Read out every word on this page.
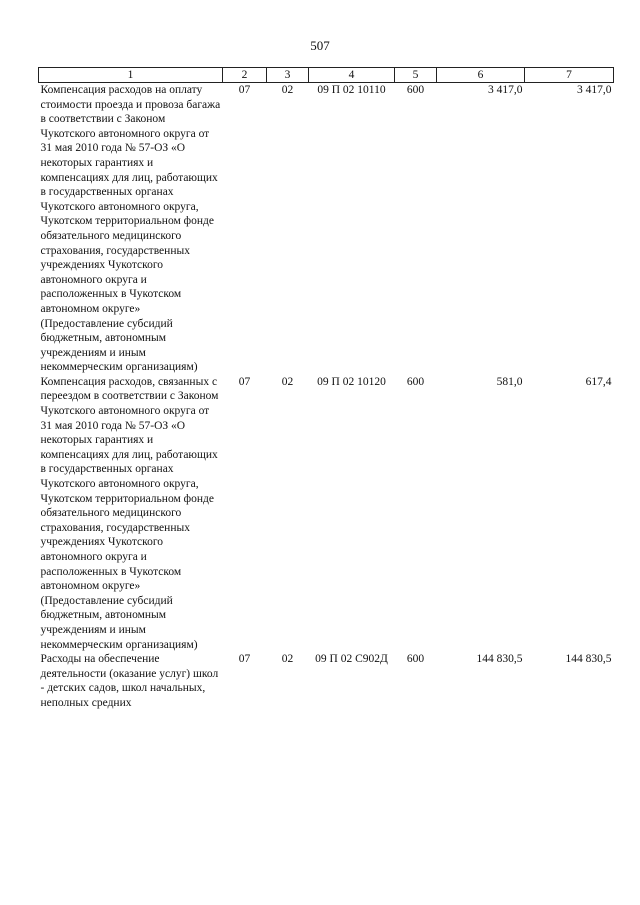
507
1	2	3	4	5	6	7
Компенсация расходов на оплату стоимости проезда и провоза багажа в соответствии с Законом Чукотского автономного округа от 31 мая 2010 года № 57-ОЗ «О некоторых гарантиях и компенсациях для лиц, работающих в государственных органах Чукотского автономного округа, Чукотском территориальном фонде обязательного медицинского страхования, государственных учреждениях Чукотского автономного округа и расположенных в Чукотском автономном округе» (Предоставление субсидий бюджетным, автономным учреждениям и иным некоммерческим организациям)	07	02	09 П 02 10110	600	3 417,0	3 417,0
Компенсация расходов, связанных с переездом в соответствии с Законом Чукотского автономного округа от 31 мая 2010 года № 57-ОЗ «О некоторых гарантиях и компенсациях для лиц, работающих в государственных органах Чукотского автономного округа, Чукотском территориальном фонде обязательного медицинского страхования, государственных учреждениях Чукотского автономного округа и расположенных в Чукотском автономном округе» (Предоставление субсидий бюджетным, автономным учреждениям и иным некоммерческим организациям)	07	02	09 П 02 10120	600	581,0	617,4
Расходы на обеспечение деятельности (оказание услуг) школ - детских садов, школ начальных, неполных средних	07	02	09 П 02 С902Д	600	144 830,5	144 830,5
